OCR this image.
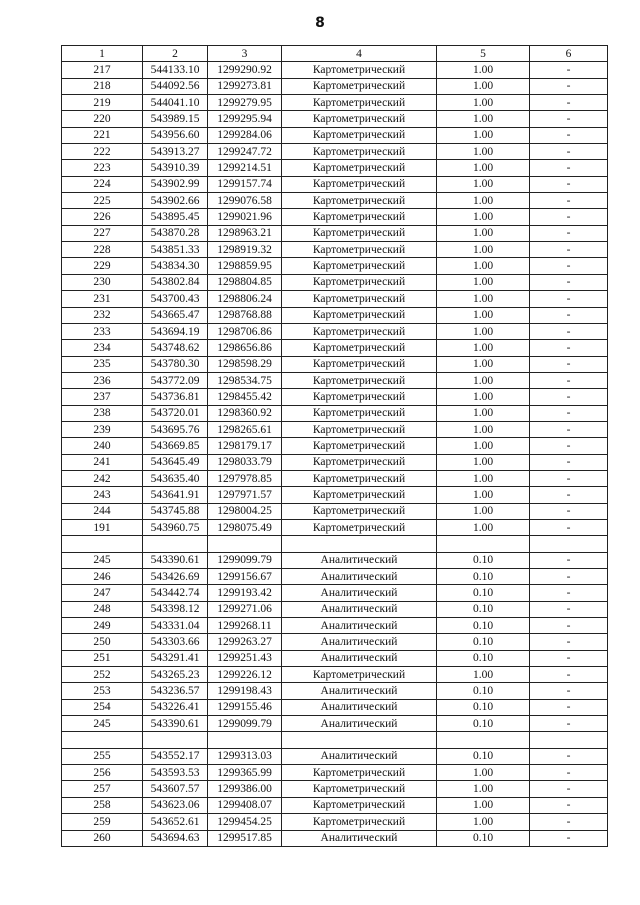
8
1	2	3	4	5	6
217	544133.10	1299290.92	Картометрический	1.00	-
218	544092.56	1299273.81	Картометрический	1.00	-
219	544041.10	1299279.95	Картометрический	1.00	-
220	543989.15	1299295.94	Картометрический	1.00	-
221	543956.60	1299284.06	Картометрический	1.00	-
222	543913.27	1299247.72	Картометрический	1.00	-
223	543910.39	1299214.51	Картометрический	1.00	-
224	543902.99	1299157.74	Картометрический	1.00	-
225	543902.66	1299076.58	Картометрический	1.00	-
226	543895.45	1299021.96	Картометрический	1.00	-
227	543870.28	1298963.21	Картометрический	1.00	-
228	543851.33	1298919.32	Картометрический	1.00	-
229	543834.30	1298859.95	Картометрический	1.00	-
230	543802.84	1298804.85	Картометрический	1.00	-
231	543700.43	1298806.24	Картометрический	1.00	-
232	543665.47	1298768.88	Картометрический	1.00	-
233	543694.19	1298706.86	Картометрический	1.00	-
234	543748.62	1298656.86	Картометрический	1.00	-
235	543780.30	1298598.29	Картометрический	1.00	-
236	543772.09	1298534.75	Картометрический	1.00	-
237	543736.81	1298455.42	Картометрический	1.00	-
238	543720.01	1298360.92	Картометрический	1.00	-
239	543695.76	1298265.61	Картометрический	1.00	-
240	543669.85	1298179.17	Картометрический	1.00	-
241	543645.49	1298033.79	Картометрический	1.00	-
242	543635.40	1297978.85	Картометрический	1.00	-
243	543641.91	1297971.57	Картометрический	1.00	-
244	543745.88	1298004.25	Картометрический	1.00	-
191	543960.75	1298075.49	Картометрический	1.00	-

245	543390.61	1299099.79	Аналитический	0.10	-
246	543426.69	1299156.67	Аналитический	0.10	-
247	543442.74	1299193.42	Аналитический	0.10	-
248	543398.12	1299271.06	Аналитический	0.10	-
249	543331.04	1299268.11	Аналитический	0.10	-
250	543303.66	1299263.27	Аналитический	0.10	-
251	543291.41	1299251.43	Аналитический	0.10	-
252	543265.23	1299226.12	Картометрический	1.00	-
253	543236.57	1299198.43	Аналитический	0.10	-
254	543226.41	1299155.46	Аналитический	0.10	-
245	543390.61	1299099.79	Аналитический	0.10	-

255	543552.17	1299313.03	Аналитический	0.10	-
256	543593.53	1299365.99	Картометрический	1.00	-
257	543607.57	1299386.00	Картометрический	1.00	-
258	543623.06	1299408.07	Картометрический	1.00	-
259	543652.61	1299454.25	Картометрический	1.00	-
260	543694.63	1299517.85	Аналитический	0.10	-
